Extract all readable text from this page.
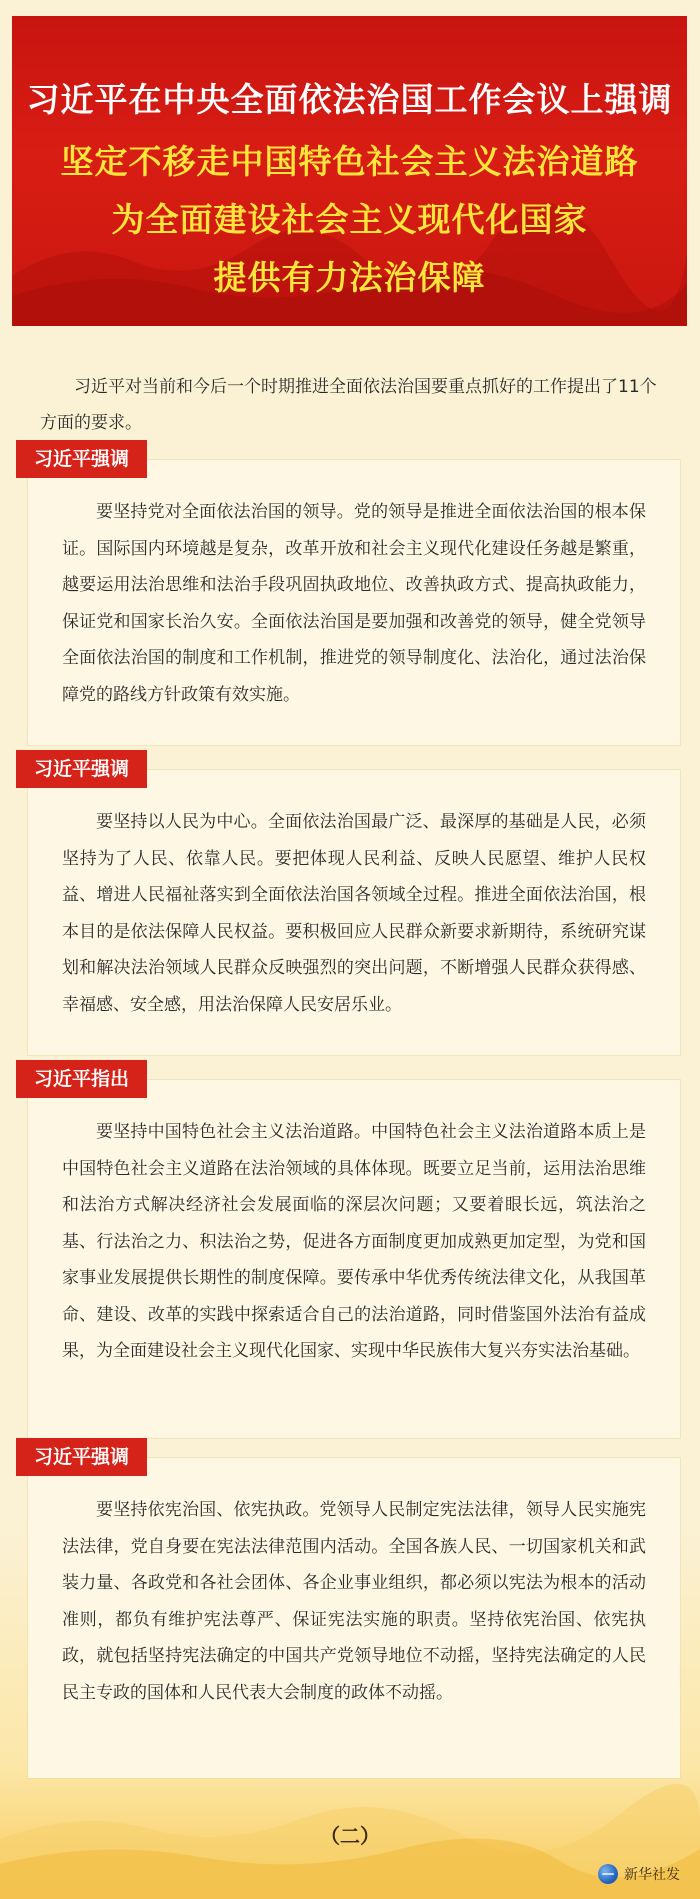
习近平在中央全面依法治国工作会议上强调
坚定不移走中国特色社会主义法治道路
为全面建设社会主义现代化国家
提供有力法治保障

习近平对当前和今后一个时期推进全面依法治国要重点抓好的工作提出了11个方面的要求。

习近平强调

要坚持党对全面依法治国的领导。党的领导是推进全面依法治国的根本保证。国际国内环境越是复杂，改革开放和社会主义现代化建设任务越是繁重，越要运用法治思维和法治手段巩固执政地位、改善执政方式、提高执政能力，保证党和国家长治久安。全面依法治国是要加强和改善党的领导，健全党领导全面依法治国的制度和工作机制，推进党的领导制度化、法治化，通过法治保障党的路线方针政策有效实施。

习近平强调

要坚持以人民为中心。全面依法治国最广泛、最深厚的基础是人民，必须坚持为了人民、依靠人民。要把体现人民利益、反映人民愿望、维护人民权益、增进人民福祉落实到全面依法治国各领域全过程。推进全面依法治国，根本目的是依法保障人民权益。要积极回应人民群众新要求新期待，系统研究谋划和解决法治领域人民群众反映强烈的突出问题，不断增强人民群众获得感、幸福感、安全感，用法治保障人民安居乐业。

习近平指出

要坚持中国特色社会主义法治道路。中国特色社会主义法治道路本质上是中国特色社会主义道路在法治领域的具体体现。既要立足当前，运用法治思维和法治方式解决经济社会发展面临的深层次问题；又要着眼长远，筑法治之基、行法治之力、积法治之势，促进各方面制度更加成熟更加定型，为党和国家事业发展提供长期性的制度保障。要传承中华优秀传统法律文化，从我国革命、建设、改革的实践中探索适合自己的法治道路，同时借鉴国外法治有益成果，为全面建设社会主义现代化国家、实现中华民族伟大复兴夯实法治基础。

习近平强调

要坚持依宪治国、依宪执政。党领导人民制定宪法法律，领导人民实施宪法法律，党自身要在宪法法律范围内活动。全国各族人民、一切国家机关和武装力量、各政党和各社会团体、各企业事业组织，都必须以宪法为根本的活动准则，都负有维护宪法尊严、保证宪法实施的职责。坚持依宪治国、依宪执政，就包括坚持宪法确定的中国共产党领导地位不动摇，坚持宪法确定的人民民主专政的国体和人民代表大会制度的政体不动摇。

（二）
新华社发
